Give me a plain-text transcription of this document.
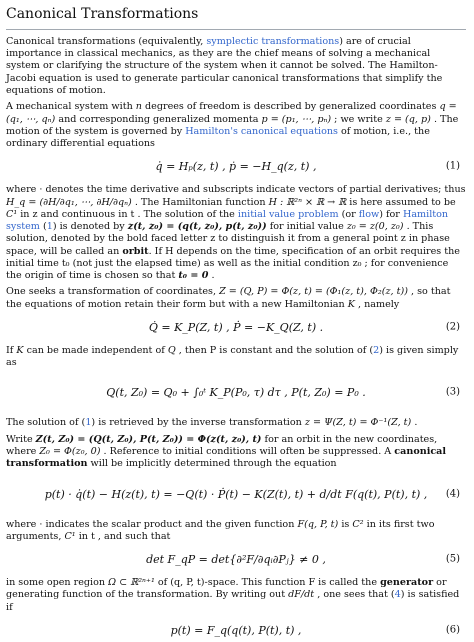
Canonical Transformations

Canonical transformations (equivalently, symplectic transformations) are of crucial importance in classical mechanics, as they are the chief means of solving a mechanical system or clarifying the structure of the system when it cannot be solved. The Hamilton-Jacobi equation is used to generate particular canonical transformations that simplify the equations of motion.

A mechanical system with n degrees of freedom is described by generalized coordinates q = (q₁, ⋯, qₙ) and corresponding generalized momenta p = (p₁, ⋯, pₙ) ; we write z = (q, p) . The motion of the system is governed by Hamilton's canonical equations of motion, i.e., the ordinary differential equations

q̇ = Hₚ(z, t) , ṗ = −H_q(z, t) ,	(1)

where · denotes the time derivative and subscripts indicate vectors of partial derivatives; thus H_q = (∂H/∂q₁, ⋯, ∂H/∂qₙ) . The Hamiltonian function H : ℝ²ⁿ × ℝ → ℝ is here assumed to be C¹ in z and continuous in t . The solution of the initial value problem (or flow) for Hamilton system (1) is denoted by z(t, z₀) = (q(t, z₀), p(t, z₀)) for initial value z₀ = z(0, z₀) . This solution, denoted by the bold faced letter z to distinguish it from a general point z in phase space, will be called an orbit. If H depends on the time, specification of an orbit requires the initial time t₀ (not just the elapsed time) as well as the initial condition z₀ ; for convenience the origin of time is chosen so that t₀ = 0 .

One seeks a transformation of coordinates, Z = (Q, P) = Φ(z, t) = (Φ₁(z, t), Φ₂(z, t)) , so that the equations of motion retain their form but with a new Hamiltonian K , namely

Q̇ = K_P(Z, t) , Ṗ = −K_Q(Z, t) .	(2)

If K can be made independent of Q , then P is constant and the solution of (2) is given simply as

Q(t, Z₀) = Q₀ + ∫₀ᵗ K_P(P₀, τ) dτ , P(t, Z₀) = P₀ .	(3)

The solution of (1) is retrieved by the inverse transformation z = Ψ(Z, t) = Φ⁻¹(Z, t) .

Write Z(t, Z₀) = (Q(t, Z₀), P(t, Z₀)) = Φ(z(t, z₀), t) for an orbit in the new coordinates, where Z₀ = Φ(z₀, 0) . Reference to initial conditions will often be suppressed. A canonical transformation will be implicitly determined through the equation

p(t) · q̇(t) − H(z(t), t) = −Q(t) · Ṗ(t) − K(Z(t), t) + d/dt F(q(t), P(t), t) , (4)

where · indicates the scalar product and the given function F(q, P, t) is C² in its first two arguments, C¹ in t , and such that

det F_qP = det{∂²F/∂qᵢ∂Pⱼ} ≠ 0 ,	(5)

in some open region Ω ⊂ ℝ²ⁿ⁺¹ of (q, P, t)-space. This function F is called the generator or generating function of the transformation. By writing out dF/dt , one sees that (4) is satisfied if

p(t) = F_q(q(t), P(t), t) ,	(6)
